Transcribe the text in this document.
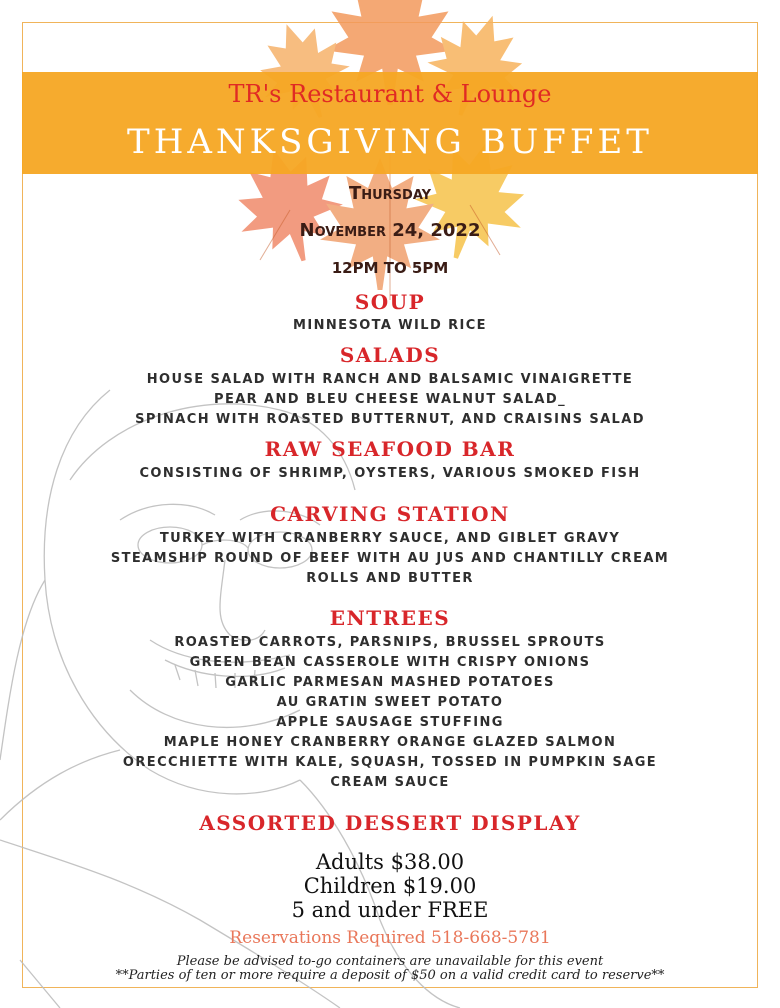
TR's Restaurant & Lounge
THANKSGIVING BUFFET
Thursday
November 24, 2022
12PM TO 5PM
SOUP
MINNESOTA WILD RICE
SALADS
HOUSE SALAD WITH RANCH AND BALSAMIC VINAIGRETTE
PEAR AND BLEU CHEESE WALNUT SALAD_
SPINACH WITH ROASTED BUTTERNUT, AND CRAISINS SALAD
RAW SEAFOOD BAR
CONSISTING OF SHRIMP, OYSTERS, VARIOUS SMOKED FISH
CARVING STATION
TURKEY WITH CRANBERRY SAUCE, AND GIBLET GRAVY
STEAMSHIP ROUND OF BEEF WITH AU JUS AND CHANTILLY CREAM
ROLLS AND BUTTER
ENTREES
ROASTED CARROTS, PARSNIPS, BRUSSEL SPROUTS
GREEN BEAN CASSEROLE WITH CRISPY ONIONS
GARLIC PARMESAN MASHED POTATOES
AU GRATIN SWEET POTATO
APPLE SAUSAGE STUFFING
MAPLE HONEY CRANBERRY ORANGE GLAZED SALMON
ORECCHIETTE WITH KALE, SQUASH, TOSSED IN PUMPKIN SAGE
CREAM SAUCE
ASSORTED DESSERT DISPLAY
Adults $38.00
Children $19.00
5 and under FREE
Reservations Required 518-668-5781
Please be advised to-go containers are unavailable for this event
**Parties of ten or more require a deposit of $50 on a valid credit card to reserve**
